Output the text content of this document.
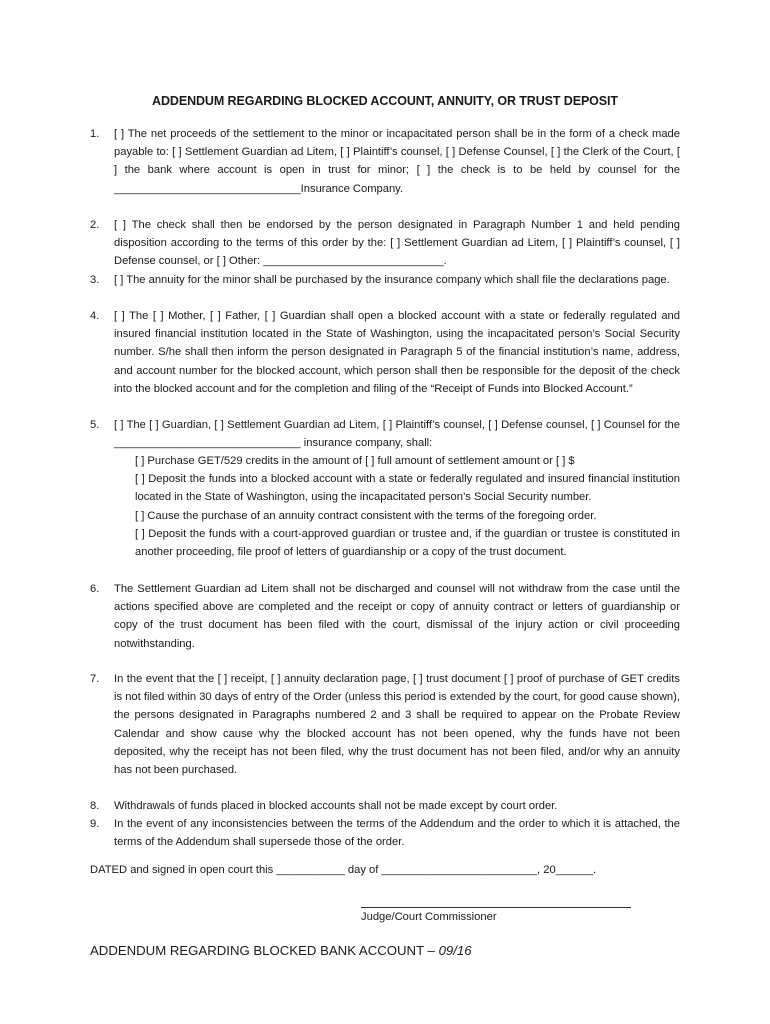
ADDENDUM REGARDING BLOCKED ACCOUNT, ANNUITY, OR TRUST DEPOSIT
1.	[ ] The net proceeds of the settlement to the minor or incapacitated person shall be in the form of a check made payable to: [ ] Settlement Guardian ad Litem, [ ] Plaintiff’s counsel, [ ] Defense Counsel, [ ] the Clerk of the Court, [ ] the bank where account is open in trust for minor; [ ] the check is to be held by counsel for the ______________________________Insurance Company.
2.	[ ] The check shall then be endorsed by the person designated in Paragraph Number 1 and held pending disposition according to the terms of this order by the: [ ] Settlement Guardian ad Litem, [ ] Plaintiff’s counsel, [ ] Defense counsel, or [ ] Other: _____________________________.
3.	[ ] The annuity for the minor shall be purchased by the insurance company which shall file the declarations page.
4.	[ ] The [ ] Mother, [ ] Father, [ ] Guardian shall open a blocked account with a state or federally regulated and insured financial institution located in the State of Washington, using the incapacitated person’s Social Security number. S/he shall then inform the person designated in Paragraph 5 of the financial institution’s name, address, and account number for the blocked account, which person shall then be responsible for the deposit of the check into the blocked account and for the completion and filing of the “Receipt of Funds into Blocked Account.”
5.	[ ] The [ ] Guardian, [ ] Settlement Guardian ad Litem, [ ] Plaintiff’s counsel, [ ] Defense counsel, [ ] Counsel for the ______________________________ insurance company, shall:
[ ] Purchase GET/529 credits in the amount of [ ] full amount of settlement amount or [ ] $
[ ] Deposit the funds into a blocked account with a state or federally regulated and insured financial institution located in the State of Washington, using the incapacitated person’s Social Security number.
[ ] Cause the purchase of an annuity contract consistent with the terms of the foregoing order.
[ ] Deposit the funds with a court-approved guardian or trustee and, if the guardian or trustee is constituted in another proceeding, file proof of letters of guardianship or a copy of the trust document.
6.	The Settlement Guardian ad Litem shall not be discharged and counsel will not withdraw from the case until the actions specified above are completed and the receipt or copy of annuity contract or letters of guardianship or copy of the trust document has been filed with the court, dismissal of the injury action or civil proceeding notwithstanding.
7.	In the event that the [ ] receipt, [ ] annuity declaration page, [ ] trust document [ ] proof of purchase of GET credits is not filed within 30 days of entry of the Order (unless this period is extended by the court, for good cause shown), the persons designated in Paragraphs numbered 2 and 3 shall be required to appear on the Probate Review Calendar and show cause why the blocked account has not been opened, why the funds have not been deposited, why the receipt has not been filed, why the trust document has not been filed, and/or why an annuity has not been purchased.
8.	Withdrawals of funds placed in blocked accounts shall not be made except by court order.
9.	In the event of any inconsistencies between the terms of the Addendum and the order to which it is attached, the terms of the Addendum shall supersede those of the order.
DATED and signed in open court this ___________ day of _________________________, 20______.
Judge/Court Commissioner
ADDENDUM REGARDING BLOCKED BANK ACCOUNT – 09/16
